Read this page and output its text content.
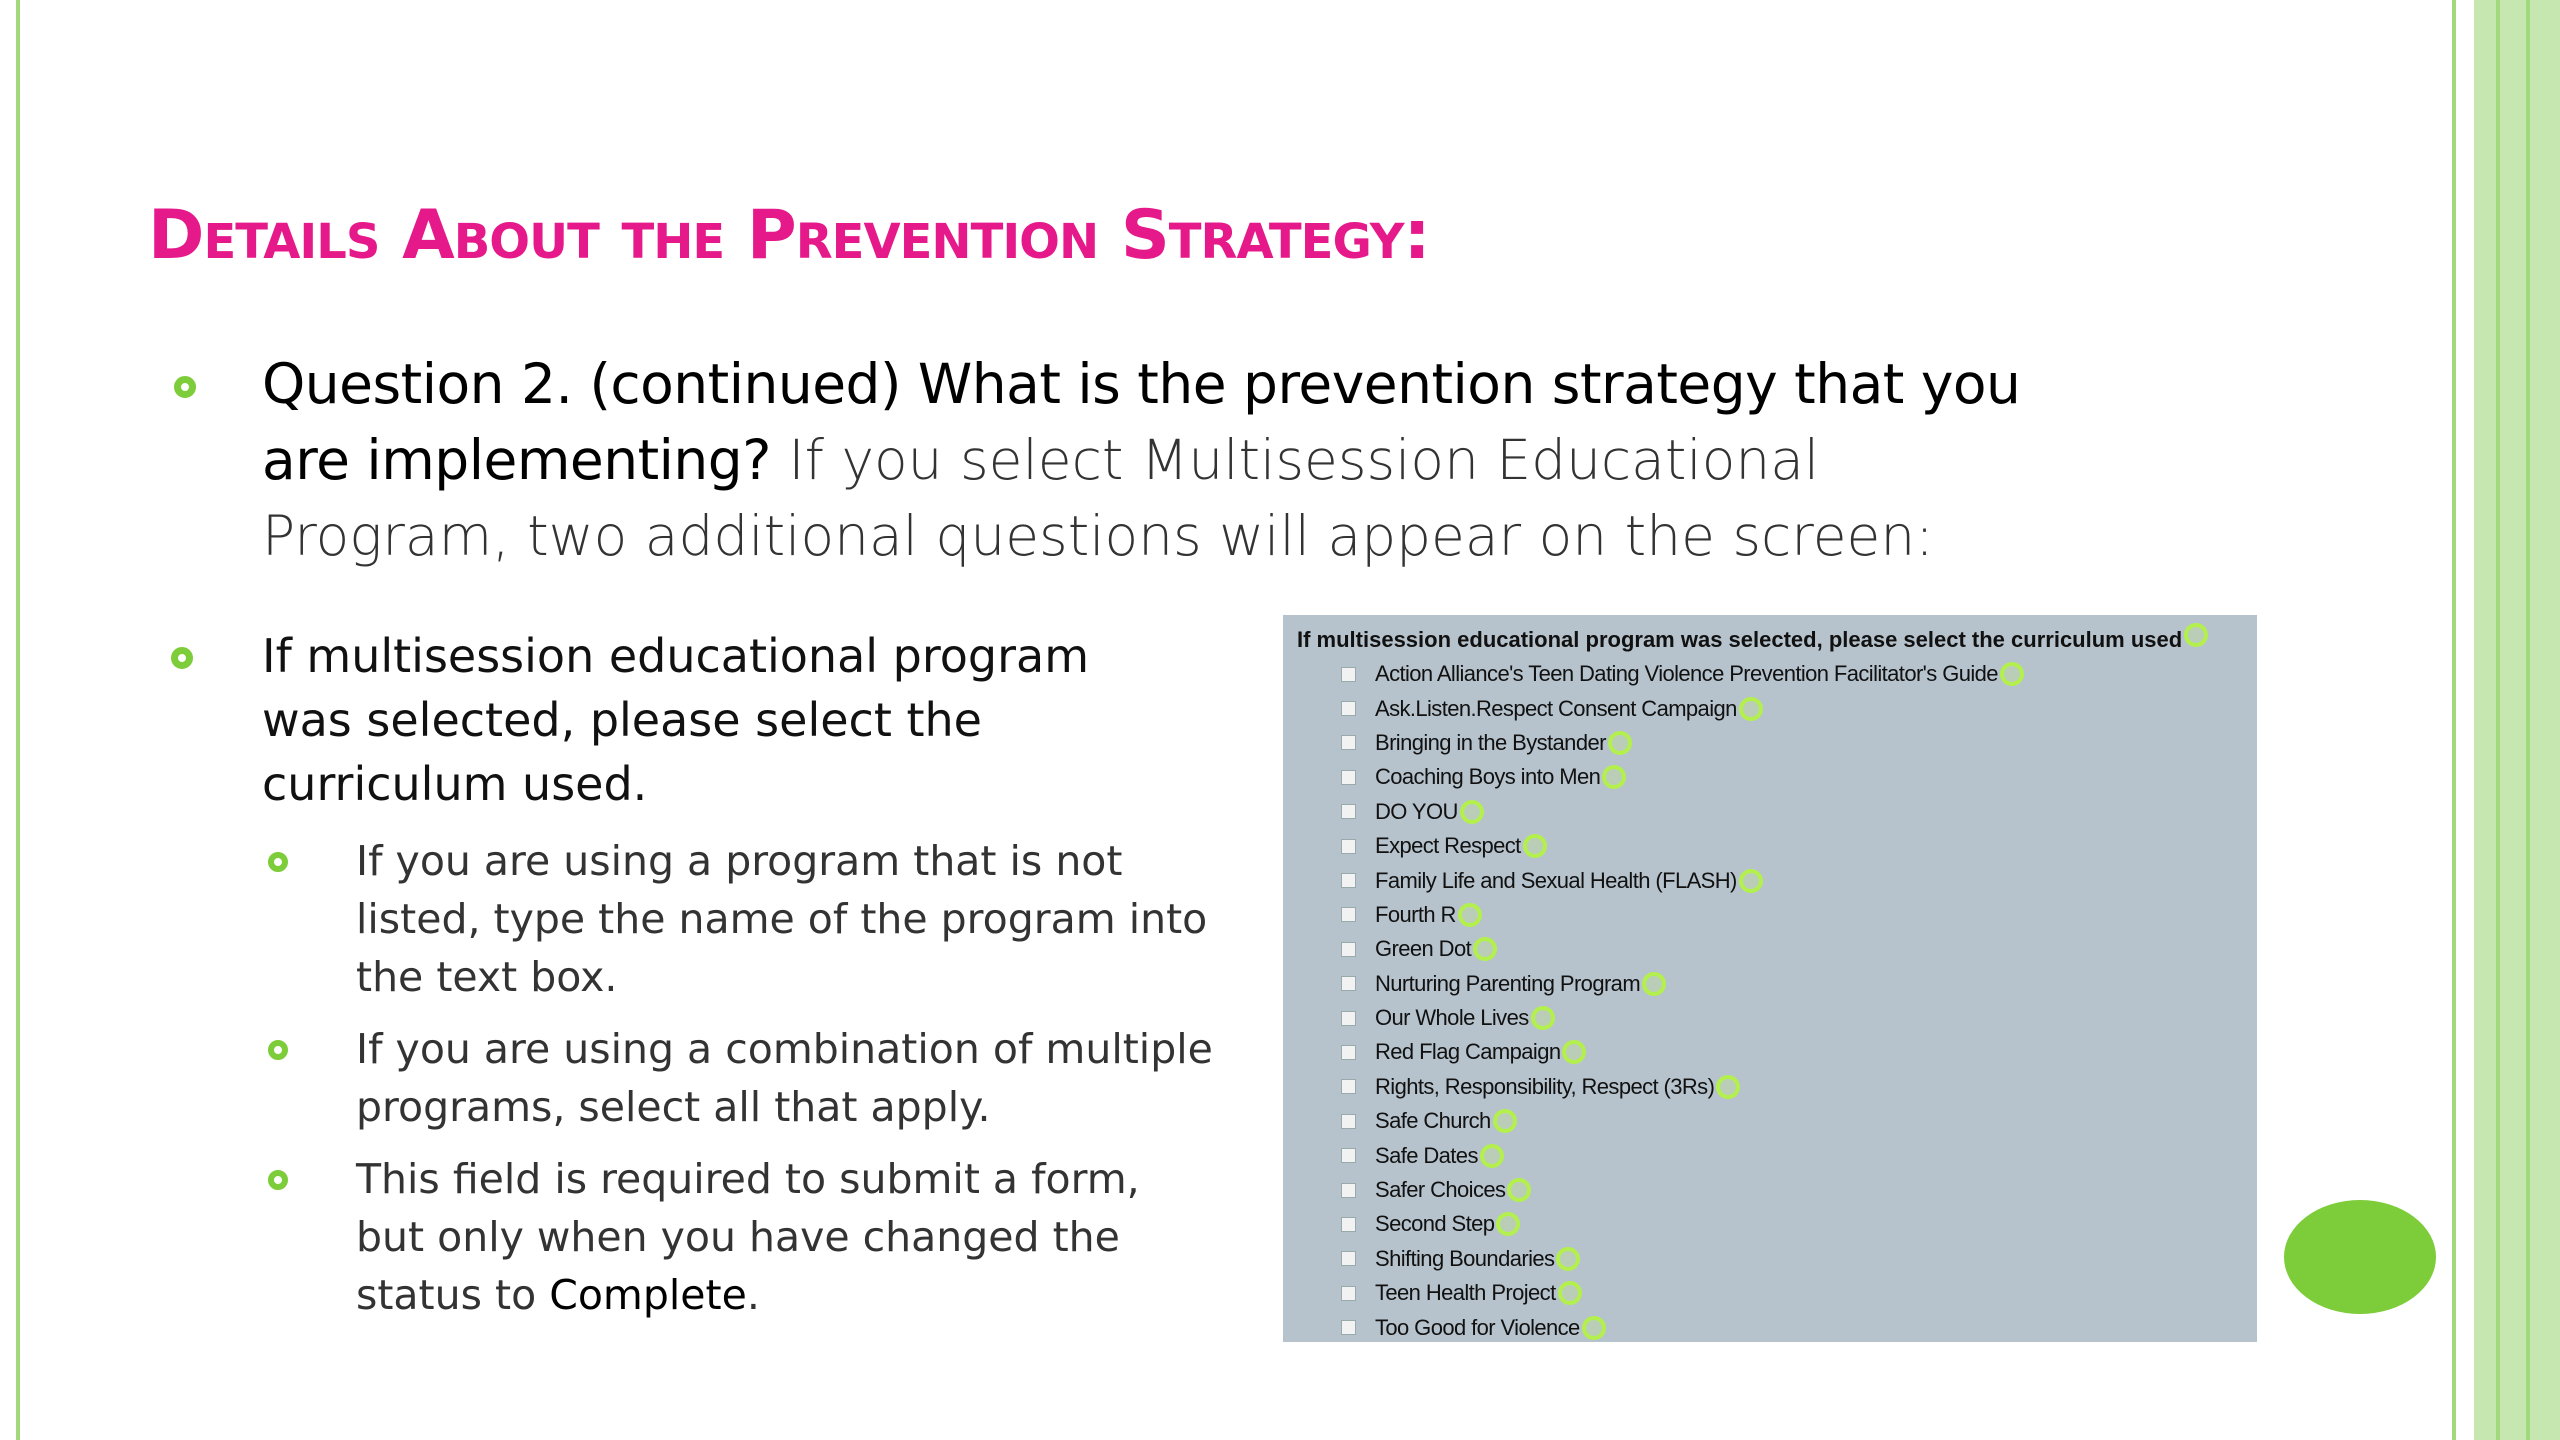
Details About the Prevention Strategy:

Question 2. (continued) What is the prevention strategy that you are implementing? If you select Multisession Educational Program, two additional questions will appear on the screen:

If multisession educational program was selected, please select the curriculum used.

If you are using a program that is not listed, type the name of the program into the text box.
If you are using a combination of multiple programs, select all that apply.
This field is required to submit a form, but only when you have changed the status to Complete.
If multisession educational program was selected, please select the curriculum used
Action Alliance's Teen Dating Violence Prevention Facilitator's Guide
Ask.Listen.Respect Consent Campaign
Bringing in the Bystander
Coaching Boys into Men
DO YOU
Expect Respect
Family Life and Sexual Health (FLASH)
Fourth R
Green Dot
Nurturing Parenting Program
Our Whole Lives
Red Flag Campaign
Rights, Responsibility, Respect (3Rs)
Safe Church
Safe Dates
Safer Choices
Second Step
Shifting Boundaries
Teen Health Project
Too Good for Violence
